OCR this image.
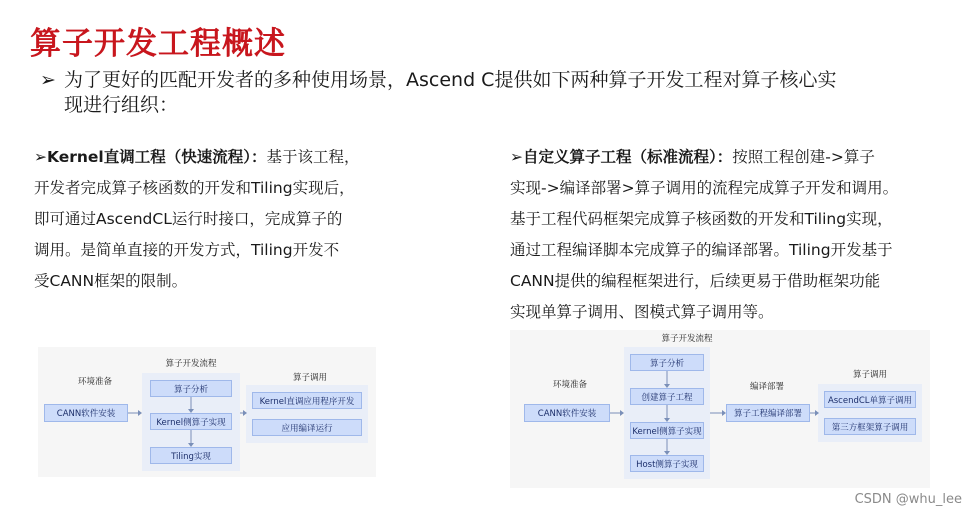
算子开发工程概述
➢ 为了更好的匹配开发者的多种使用场景，Ascend C提供如下两种算子开发工程对算子核心实
现进行组织：
➢Kernel直调工程（快速流程）：基于该工程，
开发者完成算子核函数的开发和Tiling实现后，
即可通过AscendCL运行时接口，完成算子的
调用。是简单直接的开发方式，Tiling开发不
受CANN框架的限制。
➢自定义算子工程（标准流程）：按照工程创建->算子
实现->编译部署>算子调用的流程完成算子开发和调用。
基于工程代码框架完成算子核函数的开发和Tiling实现，
通过工程编译脚本完成算子的编译部署。Tiling开发基于
CANN提供的编程框架进行，后续更易于借助框架功能
实现单算子调用、图模式算子调用等。
环境准备
CANN软件安装
算子开发流程
算子分析
Kernel侧算子实现
Tiling实现
算子调用
Kernel直调应用程序开发
应用编译运行
算子开发流程
算子分析
创建算子工程
Kernel侧算子实现
Host侧算子实现
环境准备
CANN软件安装
编译部署
算子工程编译部署
算子调用
AscendCL单算子调用
第三方框架算子调用
CSDN @whu_lee
